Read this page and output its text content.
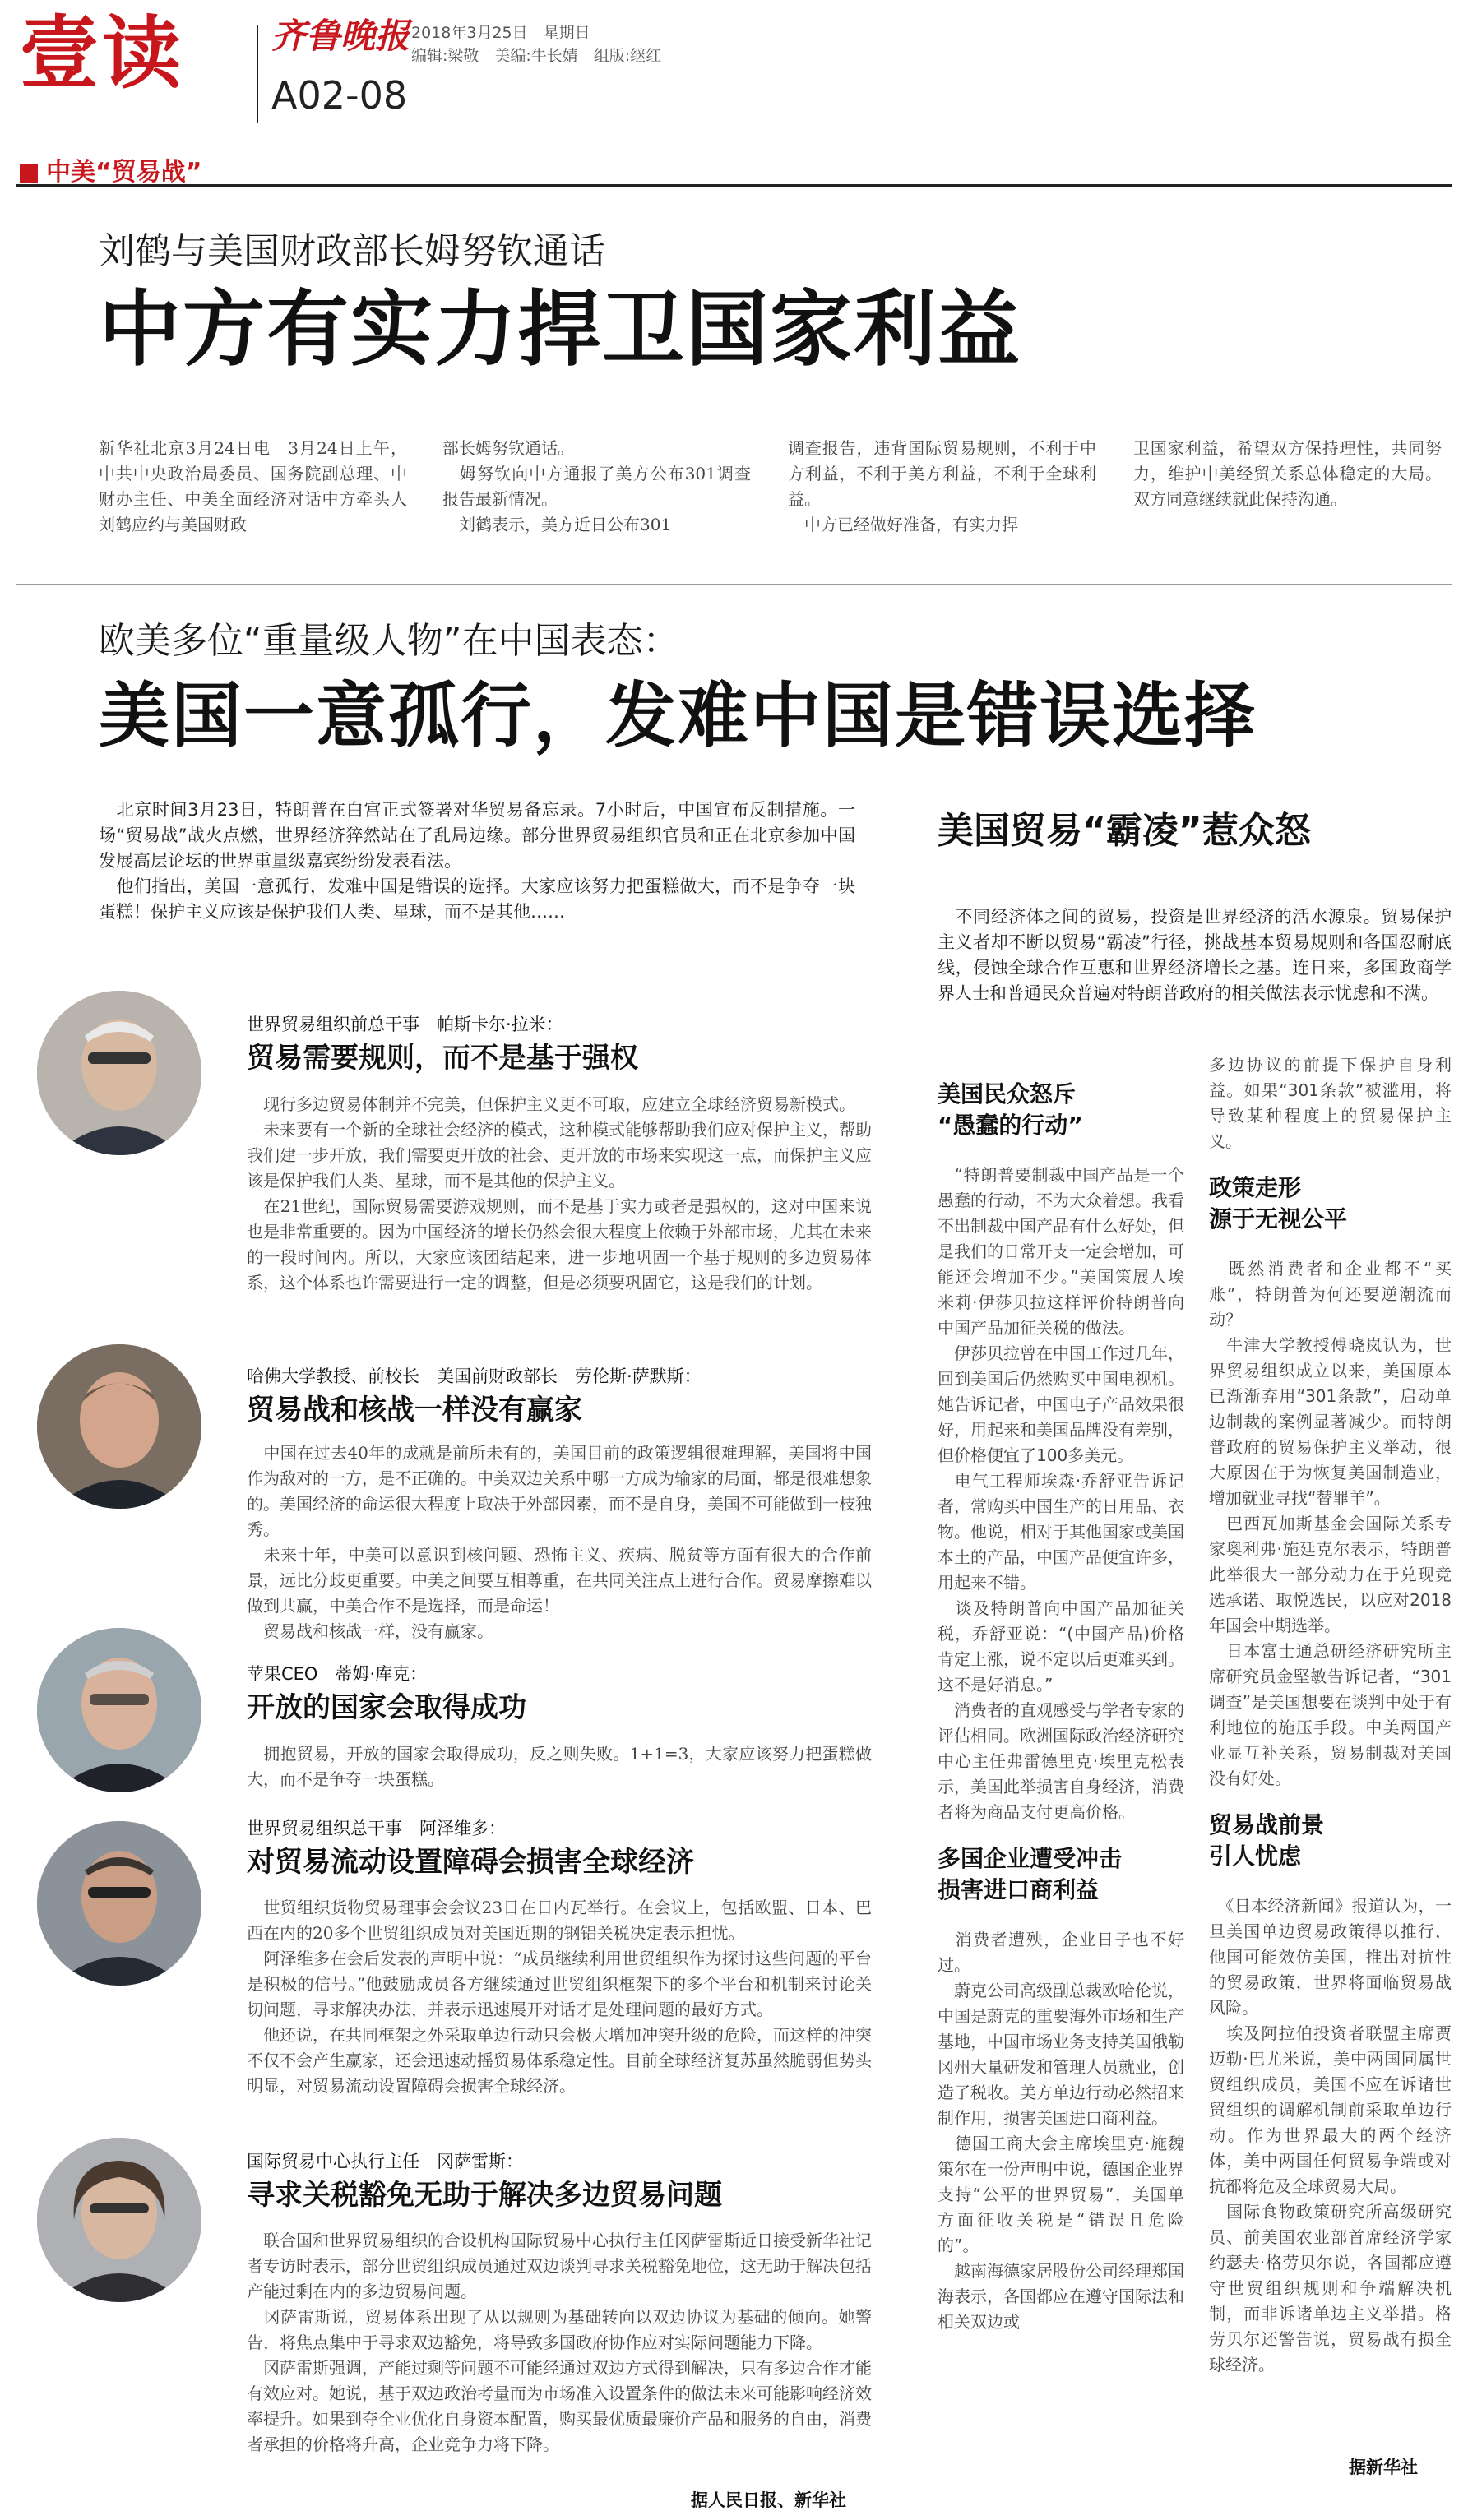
壹读	齐鲁晚报
A02-08
2018年3月25日　星期日
编辑:梁敬　美编:牛长婧　组版:继红
中美“贸易战”
刘鹤与美国财政部长姆努钦通话
中方有实力捍卫国家利益
新华社北京3月24日电　3月24日上午，中共中央政治局委员、国务院副总理、中财办主任、中美全面经济对话中方牵头人刘鹤应约与美国财政
部长姆努钦通话。
　姆努钦向中方通报了美方公布301调查报告最新情况。
　刘鹤表示，美方近日公布301
调查报告，违背国际贸易规则，不利于中方利益，不利于美方利益，不利于全球利益。
　中方已经做好准备，有实力捍
卫国家利益，希望双方保持理性，共同努力，维护中美经贸关系总体稳定的大局。双方同意继续就此保持沟通。
欧美多位“重量级人物”在中国表态：
美国一意孤行，发难中国是错误选择

　北京时间3月23日，特朗普在白宫正式签署对华贸易备忘录。7小时后，中国宣布反制措施。一场“贸易战”战火点燃，世界经济猝然站在了乱局边缘。部分世界贸易组织官员和正在北京参加中国发展高层论坛的世界重量级嘉宾纷纷发表看法。

　他们指出，美国一意孤行，发难中国是错误的选择。大家应该努力把蛋糕做大，而不是争夺一块蛋糕！保护主义应该是保护我们人类、星球，而不是其他……

世界贸易组织前总干事　帕斯卡尔·拉米：
贸易需要规则，而不是基于强权

　现行多边贸易体制并不完美，但保护主义更不可取，应建立全球经济贸易新模式。

　未来要有一个新的全球社会经济的模式，这种模式能够帮助我们应对保护主义，帮助我们建一步开放，我们需要更开放的社会、更开放的市场来实现这一点，而保护主义应该是保护我们人类、星球，而不是其他的保护主义。

　在21世纪，国际贸易需要游戏规则，而不是基于实力或者是强权的，这对中国来说也是非常重要的。因为中国经济的增长仍然会很大程度上依赖于外部市场，尤其在未来的一段时间内。所以，大家应该团结起来，进一步地巩固一个基于规则的多边贸易体系，这个体系也许需要进行一定的调整，但是必须要巩固它，这是我们的计划。

哈佛大学教授、前校长　美国前财政部长　劳伦斯·萨默斯：
贸易战和核战一样没有赢家

　中国在过去40年的成就是前所未有的，美国目前的政策逻辑很难理解，美国将中国作为敌对的一方，是不正确的。中美双边关系中哪一方成为输家的局面，都是很难想象的。美国经济的命运很大程度上取决于外部因素，而不是自身，美国不可能做到一枝独秀。

　未来十年，中美可以意识到核问题、恐怖主义、疾病、脱贫等方面有很大的合作前景，远比分歧更重要。中美之间要互相尊重，在共同关注点上进行合作。贸易摩擦难以做到共赢，中美合作不是选择，而是命运！

　贸易战和核战一样，没有赢家。

苹果CEO　蒂姆·库克：
开放的国家会取得成功

　拥抱贸易，开放的国家会取得成功，反之则失败。1+1=3，大家应该努力把蛋糕做大，而不是争夺一块蛋糕。

世界贸易组织总干事　阿泽维多：
对贸易流动设置障碍会损害全球经济

　世贸组织货物贸易理事会会议23日在日内瓦举行。在会议上，包括欧盟、日本、巴西在内的20多个世贸组织成员对美国近期的钢铝关税决定表示担忧。

　阿泽维多在会后发表的声明中说：“成员继续利用世贸组织作为探讨这些问题的平台是积极的信号。”他鼓励成员各方继续通过世贸组织框架下的多个平台和机制来讨论关切问题，寻求解决办法，并表示迅速展开对话才是处理问题的最好方式。

　他还说，在共同框架之外采取单边行动只会极大增加冲突升级的危险，而这样的冲突不仅不会产生赢家，还会迅速动摇贸易体系稳定性。目前全球经济复苏虽然脆弱但势头明显，对贸易流动设置障碍会损害全球经济。

国际贸易中心执行主任　冈萨雷斯：
寻求关税豁免无助于解决多边贸易问题

　联合国和世界贸易组织的合设机构国际贸易中心执行主任冈萨雷斯近日接受新华社记者专访时表示，部分世贸组织成员通过双边谈判寻求关税豁免地位，这无助于解决包括产能过剩在内的多边贸易问题。

　冈萨雷斯说，贸易体系出现了从以规则为基础转向以双边协议为基础的倾向。她警告，将焦点集中于寻求双边豁免，将导致多国政府协作应对实际问题能力下降。

　冈萨雷斯强调，产能过剩等问题不可能经通过双边方式得到解决，只有多边合作才能有效应对。她说，基于双边政治考量而为市场准入设置条件的做法未来可能影响经济效率提升。如果到夺全业优化自身资本配置，购买最优质最廉价产品和服务的自由，消费者承担的价格将升高，企业竞争力将下降。

据人民日报、新华社
美国贸易“霸凌”惹众怒
　不同经济体之间的贸易，投资是世界经济的活水源泉。贸易保护主义者却不断以贸易“霸凌”行径，挑战基本贸易规则和各国忍耐底线，侵蚀全球合作互惠和世界经济增长之基。连日来，多国政商学界人士和普通民众普遍对特朗普政府的相关做法表示忧虑和不满。
美国民众怒斥
“愚蠢的行动”
　“特朗普要制裁中国产品是一个愚蠢的行动，不为大众着想。我看不出制裁中国产品有什么好处，但是我们的日常开支一定会增加，可能还会增加不少。”美国策展人埃米莉·伊莎贝拉这样评价特朗普向中国产品加征关税的做法。
　伊莎贝拉曾在中国工作过几年，回到美国后仍然购买中国电视机。她告诉记者，中国电子产品效果很好，用起来和美国品牌没有差别，但价格便宜了100多美元。
　电气工程师埃森·乔舒亚告诉记者，常购买中国生产的日用品、衣物。他说，相对于其他国家或美国本土的产品，中国产品便宜许多，用起来不错。
　谈及特朗普向中国产品加征关税，乔舒亚说：“(中国产品)价格肯定上涨，说不定以后更难买到。这不是好消息。”
　消费者的直观感受与学者专家的评估相同。欧洲国际政治经济研究中心主任弗雷德里克·埃里克松表示，美国此举损害自身经济，消费者将为商品支付更高价格。
多国企业遭受冲击
损害进口商利益
　消费者遭殃，企业日子也不好过。
　蔚克公司高级副总裁欧哈伦说，中国是蔚克的重要海外市场和生产基地，中国市场业务支持美国俄勒冈州大量研发和管理人员就业，创造了税收。美方单边行动必然招来制作用，损害美国进口商利益。
　德国工商大会主席埃里克·施魏策尔在一份声明中说，德国企业界支持“公平的世界贸易”，美国单方面征收关税是“错误且危险的”。
　越南海德家居股份公司经理郑国海表示，各国都应在遵守国际法和相关双边或
多边协议的前提下保护自身利益。如果“301条款”被滥用，将导致某种程度上的贸易保护主义。
政策走形
源于无视公平
　既然消费者和企业都不“买账”，特朗普为何还要逆潮流而动？
　牛津大学教授傅晓岚认为，世界贸易组织成立以来，美国原本已渐渐弃用“301条款”，启动单边制裁的案例显著减少。而特朗普政府的贸易保护主义举动，很大原因在于为恢复美国制造业，增加就业寻找“替罪羊”。
　巴西瓦加斯基金会国际关系专家奥利弗·施廷克尔表示，特朗普此举很大一部分动力在于兑现竞选承诺、取悦选民，以应对2018年国会中期选举。
　日本富士通总研经济研究所主席研究员金堅敏告诉记者，“301调查”是美国想要在谈判中处于有利地位的施压手段。中美两国产业显互补关系，贸易制裁对美国没有好处。
贸易战前景
引人忧虑
　《日本经济新闻》报道认为，一旦美国单边贸易政策得以推行，他国可能效仿美国，推出对抗性的贸易政策，世界将面临贸易战风险。
　埃及阿拉伯投资者联盟主席贾迈勒·巴尤米说，美中两国同属世贸组织成员，美国不应在诉诸世贸组织的调解机制前采取单边行动。作为世界最大的两个经济体，美中两国任何贸易争端或对抗都将危及全球贸易大局。
　国际食物政策研究所高级研究员、前美国农业部首席经济学家约瑟夫·格劳贝尔说，各国都应遵守世贸组织规则和争端解决机制，而非诉诸单边主义举措。格劳贝尔还警告说，贸易战有损全球经济。
据新华社
